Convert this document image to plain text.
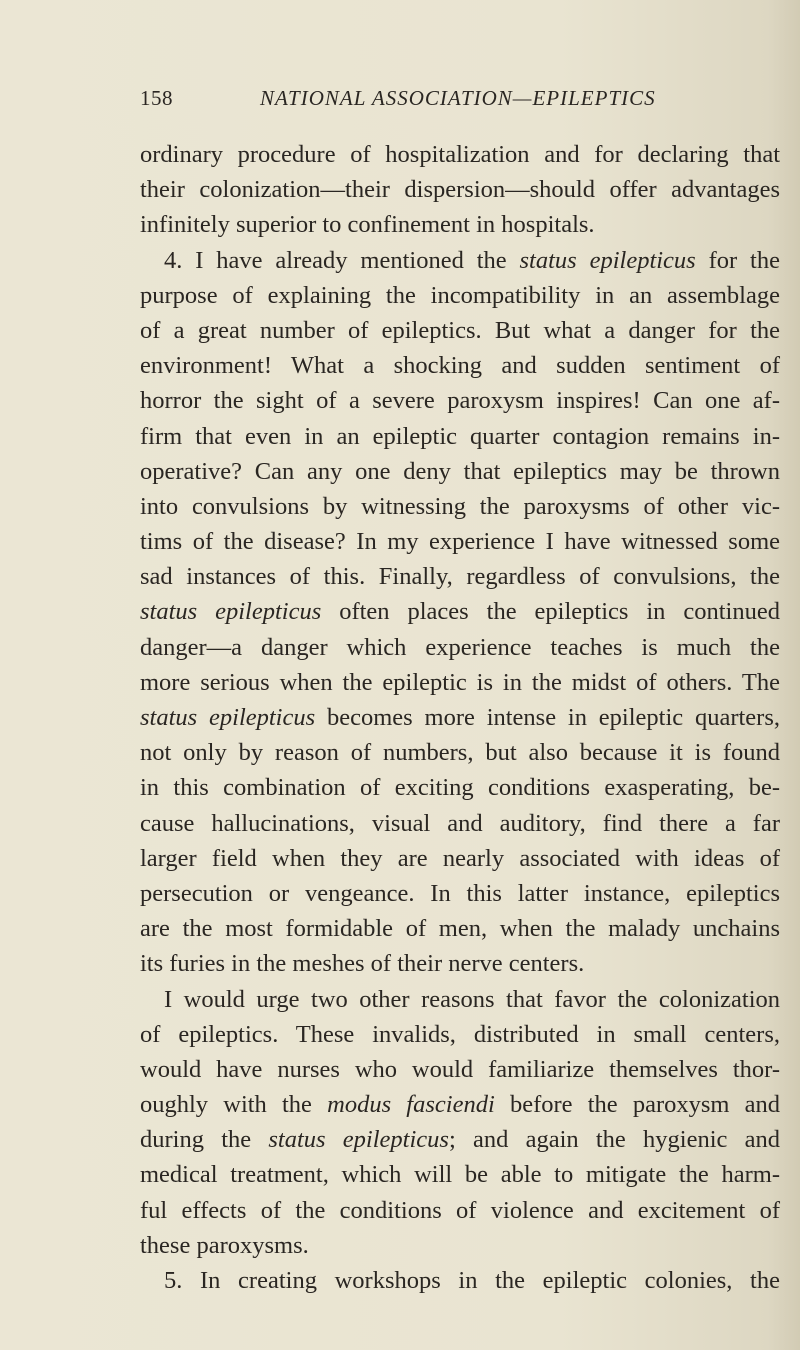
158	NATIONAL ASSOCIATION—EPILEPTICS
ordinary procedure of hospitalization and for declaring that
their colonization—their dispersion—should offer advantages
infinitely superior to confinement in hospitals.
4. I have already mentioned the status epilepticus for the
purpose of explaining the incompatibility in an assemblage
of a great number of epileptics. But what a danger for the
environment! What a shocking and sudden sentiment of
horror the sight of a severe paroxysm inspires! Can one af-
firm that even in an epileptic quarter contagion remains in-
operative? Can any one deny that epileptics may be thrown
into convulsions by witnessing the paroxysms of other vic-
tims of the disease? In my experience I have witnessed some
sad instances of this. Finally, regardless of convulsions, the
status epilepticus often places the epileptics in continued
danger—a danger which experience teaches is much the
more serious when the epileptic is in the midst of others. The
status epilepticus becomes more intense in epileptic quarters,
not only by reason of numbers, but also because it is found
in this combination of exciting conditions exasperating, be-
cause hallucinations, visual and auditory, find there a far
larger field when they are nearly associated with ideas of
persecution or vengeance. In this latter instance, epileptics
are the most formidable of men, when the malady unchains
its furies in the meshes of their nerve centers.
I would urge two other reasons that favor the colonization
of epileptics. These invalids, distributed in small centers,
would have nurses who would familiarize themselves thor-
oughly with the modus fasciendi before the paroxysm and
during the status epilepticus; and again the hygienic and
medical treatment, which will be able to mitigate the harm-
ful effects of the conditions of violence and excitement of
these paroxysms.
5. In creating workshops in the epileptic colonies, the
